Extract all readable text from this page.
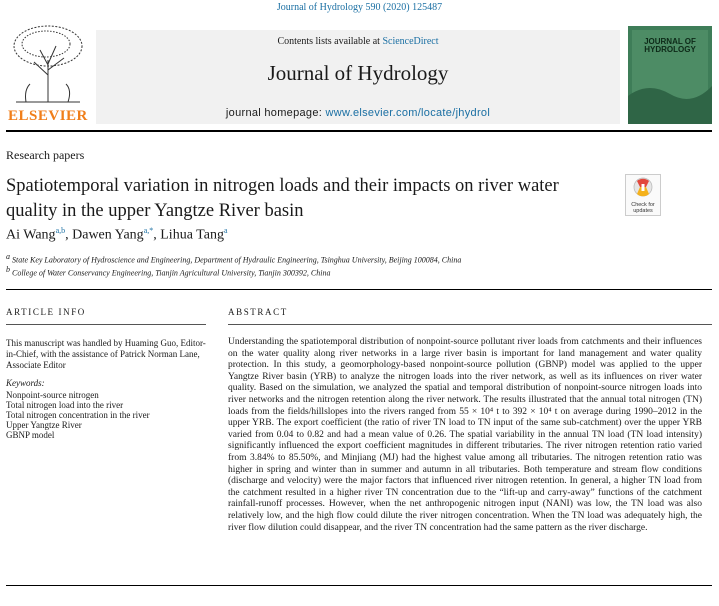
Journal of Hydrology 590 (2020) 125487
ELSEVIER
Contents lists available at ScienceDirect
Journal of Hydrology
journal homepage: www.elsevier.com/locate/jhydrol
JOURNAL OF
HYDROLOGY
Research papers
Spatiotemporal variation in nitrogen loads and their impacts on river water quality in the upper Yangtze River basin	Check for
updates
Ai Wang$^{a,b}$, Dawen Yang$^{a,*}$, Lihua Tang$^a$
$^a$ State Key Laboratory of Hydroscience and Engineering, Department of Hydraulic Engineering, Tsinghua University, Beijing 100084, China
$^b$ College of Water Conservancy Engineering, Tianjin Agricultural University, Tianjin 300392, China
ARTICLE INFO
This manuscript was handled by Huaming Guo, Editor-in-Chief, with the assistance of Patrick Norman Lane, Associate Editor
Keywords:
Nonpoint-source nitrogen
Total nitrogen load into the river
Total nitrogen concentration in the river
Upper Yangtze River
GBNP model
ABSTRACT

Understanding the spatiotemporal distribution of nonpoint-source pollutant river loads from catchments and their influences on the water quality along river networks in a large river basin is important for land management and water quality protection. In this study, a geomorphology-based nonpoint-source pollution (GBNP) model was applied to the upper Yangtze River basin (YRB) to analyze the nitrogen loads into the river network, as well as its influences on river water quality. Based on the simulation, we analyzed the spatial and temporal distribution of nonpoint-source nitrogen loads into river networks and the nitrogen retention along the river network. The results illustrated that the annual total nitrogen (TN) loads from the fields/hillslopes into the rivers ranged from 55 × 10⁴ t to 392 × 10⁴ t on average during 1990–2012 in the upper YRB. The export coefficient (the ratio of river TN load to TN input of the same sub-catchment) over the upper YRB varied from 0.04 to 0.82 and had a mean value of 0.26. The spatial variability in the annual TN load (TN load intensity) significantly influenced the export coefficient magnitudes in different tributaries. The river nitrogen retention ratio varied from 3.84% to 85.50%, and Minjiang (MJ) had the highest value among all tributaries. The nitrogen retention ratio was higher in spring and winter than in summer and autumn in all tributaries. Both temperature and stream flow conditions (discharge and velocity) were the major factors that influenced river nitrogen retention. In general, a higher TN load from the catchment resulted in a higher river TN concentration due to the “lift-up and carry-away” functions of the catchment rainfall-runoff processes. However, when the net anthropogenic nitrogen input (NANI) was low, the TN load was also relatively low, and the high flow could dilute the river nitrogen concentration. When the TN load was adequately high, the river flow dilution could disappear, and the river TN concentration had the same pattern as the river discharge.
